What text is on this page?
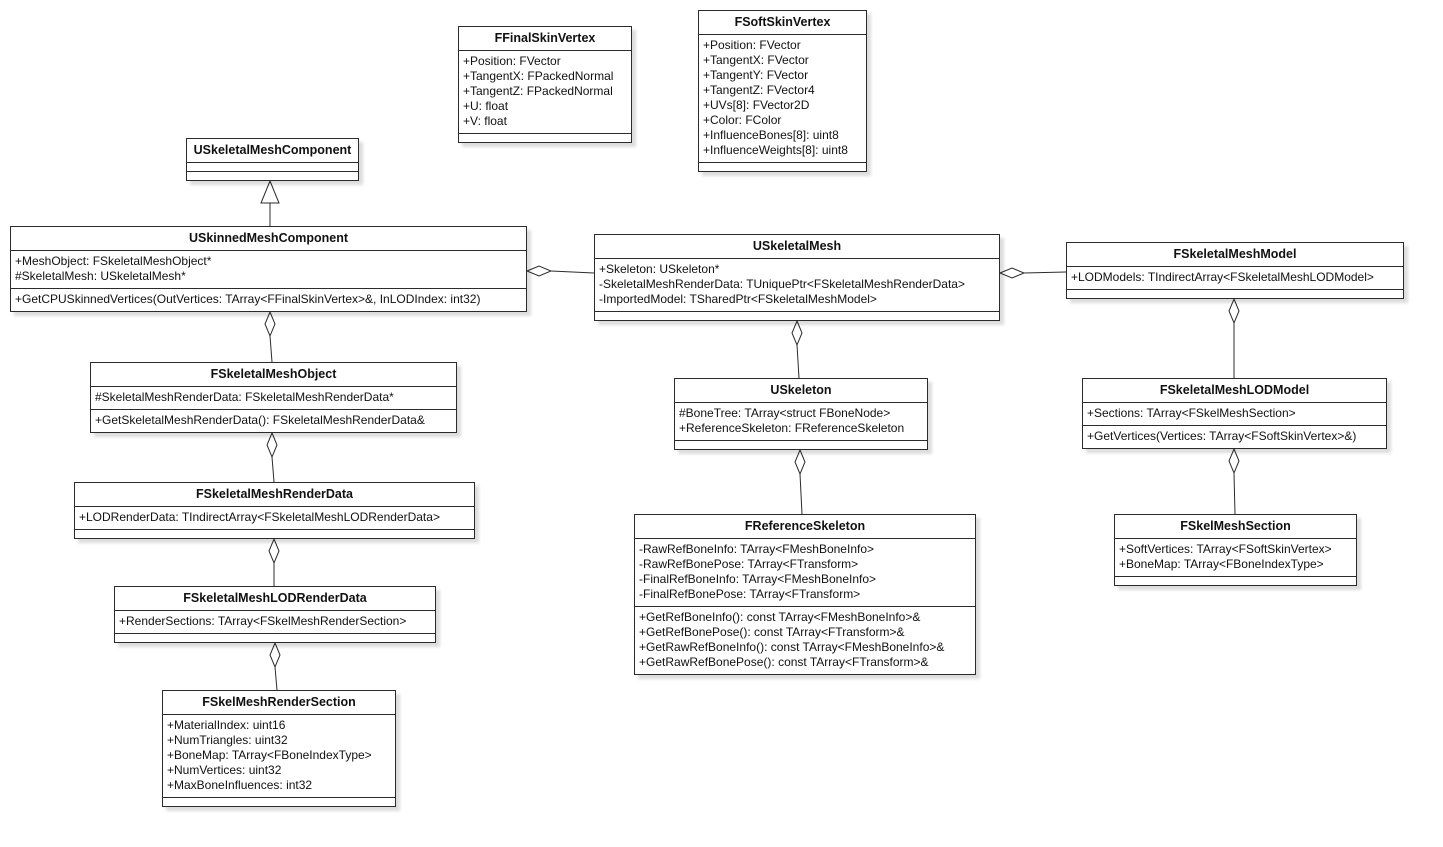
FFinalSkinVertex
+Position: FVector
+TangentX: FPackedNormal
+TangentZ: FPackedNormal
+U: float
+V: float
FSoftSkinVertex
+Position: FVector
+TangentX: FVector
+TangentY: FVector
+TangentZ: FVector4
+UVs[8]: FVector2D
+Color: FColor
+InfluenceBones[8]: uint8
+InfluenceWeights[8]: uint8
USkeletalMeshComponent
USkinnedMeshComponent
+MeshObject: FSkeletalMeshObject*
#SkeletalMesh: USkeletalMesh*
+GetCPUSkinnedVertices(OutVertices: TArray<FFinalSkinVertex>&, InLODIndex: int32)
FSkeletalMeshObject
#SkeletalMeshRenderData: FSkeletalMeshRenderData*
+GetSkeletalMeshRenderData(): FSkeletalMeshRenderData&
FSkeletalMeshRenderData
+LODRenderData: TIndirectArray<FSkeletalMeshLODRenderData>
FSkeletalMeshLODRenderData
+RenderSections: TArray<FSkelMeshRenderSection>
FSkelMeshRenderSection
+MaterialIndex: uint16
+NumTriangles: uint32
+BoneMap: TArray<FBoneIndexType>
+NumVertices: uint32
+MaxBoneInfluences: int32
USkeletalMesh
+Skeleton: USkeleton*
-SkeletalMeshRenderData: TUniquePtr<FSkeletalMeshRenderData>
-ImportedModel: TSharedPtr<FSkeletalMeshModel>
USkeleton
#BoneTree: TArray<struct FBoneNode>
+ReferenceSkeleton: FReferenceSkeleton
FReferenceSkeleton
-RawRefBoneInfo: TArray<FMeshBoneInfo>
-RawRefBonePose: TArray<FTransform>
-FinalRefBoneInfo: TArray<FMeshBoneInfo>
-FinalRefBonePose: TArray<FTransform>
+GetRefBoneInfo(): const TArray<FMeshBoneInfo>&
+GetRefBonePose(): const TArray<FTransform>&
+GetRawRefBoneInfo(): const TArray<FMeshBoneInfo>&
+GetRawRefBonePose(): const TArray<FTransform>&
FSkeletalMeshModel
+LODModels: TIndirectArray<FSkeletalMeshLODModel>
FSkeletalMeshLODModel
+Sections: TArray<FSkelMeshSection>
+GetVertices(Vertices: TArray<FSoftSkinVertex>&)
FSkelMeshSection
+SoftVertices: TArray<FSoftSkinVertex>
+BoneMap: TArray<FBoneIndexType>
